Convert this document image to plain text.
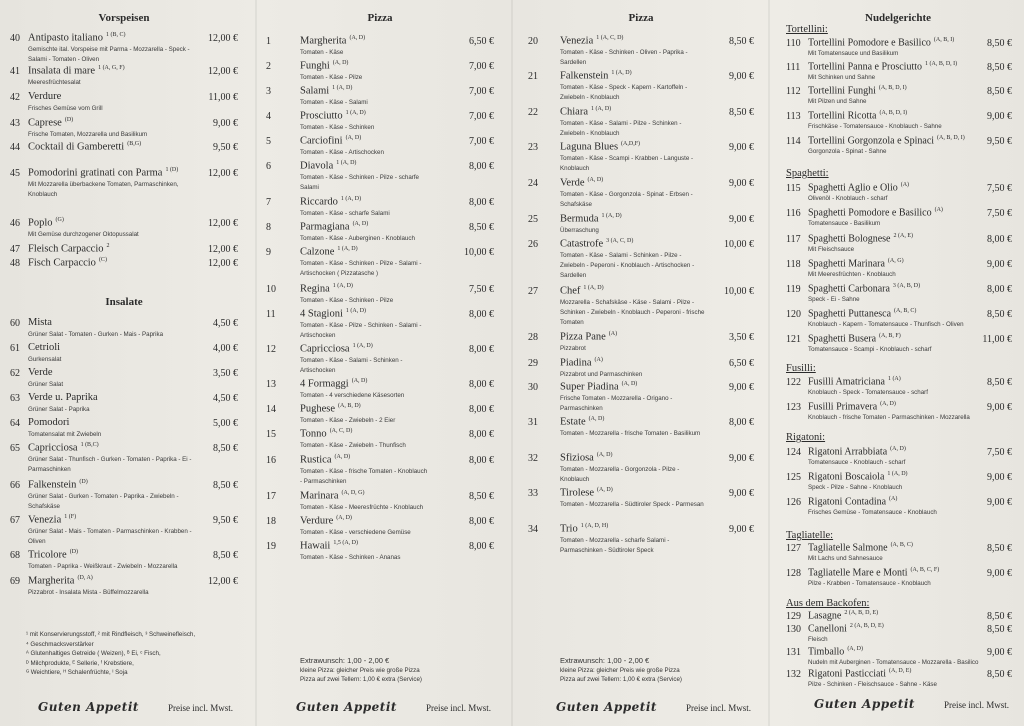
Vorspeisen
40 Antipasto italiano $^{1 (B, C)}$	12,00 €
Gemischte ital. Vorspeise mit Parma - Mozzarella - Speck - Salami - Tomaten - Oliven
41 Insalata di mare $^{1 (A, G, F)}$	12,00 €
Meeresfrüchtesalat
42 Verdure	11,00 €
Frisches Gemüse vom Grill
43 Caprese $^{(D)}$	9,00 €
Frische Tomaten, Mozzarella und Basilikum
44 Cocktail di Gamberetti $^{(B,G)}$	9,50 €
45 Pomodorini gratinati con Parma $^{1 (D)}$	12,00 €
Mit Mozzarella überbackene Tomaten, Parmaschinken, Knoblauch
46 Poplo $^{(G)}$	12,00 €
Mit Gemüse durchzogener Oktopussalat
47 Fleisch Carpaccio $^2$	12,00 €
48 Fisch Carpaccio $^{(C)}$	12,00 €
Insalate
60 Mista	4,50 €
Grüner Salat - Tomaten - Gurken - Mais - Paprika
61 Cetrioli	4,00 €
Gurkensalat
62 Verde	3,50 €
Grüner Salat
63 Verde u. Paprika	4,50 €
Grüner Salat - Paprika
64 Pomodori	5,00 €
Tomatensalat mit Zwiebeln
65 Capricciosa $^{1 (B,C)}$	8,50 €
Grüner Salat - Thunfisch - Gurken - Tomaten - Paprika - Ei - Parmaschinken
66 Falkenstein $^{(D)}$	8,50 €
Grüner Salat - Gurken - Tomaten - Paprika - Zwiebeln - Schafskäse
67 Venezia $^{1 (F)}$	9,50 €
Grüner Salat - Mais - Tomaten - Parmaschinken - Krabben - Oliven
68 Tricolore $^{(D)}$	8,50 €
Tomaten - Paprika - Weißkraut - Zwiebeln - Mozzarella
69 Margherita $^{(D, A)}$	12,00 €
Pizzabrot - Insalata Mista - Büffelmozzarella
¹ mit Konservierungsstoff, ² mit Rindfleisch, ³ Schweinefleisch,
⁴ Geschmacksverstärker
ᴬ Glutenhaltiges Getreide ( Weizen), ᴮ Ei, ᶜ Fisch,
ᴰ Milchprodukte, ᴱ Sellerie, ᶠ Krebstiere,
ᴳ Weichtiere, ᴴ Schalenfrüchte, ᴵ Soja
Guten Appetit	Preise incl. Mwst.
Pizza
1	Margherita $^{(A, D)}$	6,50 €
Tomaten - Käse
2	Funghi $^{(A, D)}$	7,00 €
Tomaten - Käse - Pilze
3	Salami $^{1 (A, D)}$	7,00 €
Tomaten - Käse - Salami
4	Prosciutto $^{1 (A, D)}$	7,00 €
Tomaten - Käse - Schinken
5	Carciofini $^{(A, D)}$	7,00 €
Tomaten - Käse - Artischocken
6	Diavola $^{1 (A, D)}$	8,00 €
Tomaten - Käse - Schinken - Pilze - scharfe Salami
7	Riccardo $^{1 (A, D)}$	8,00 €
Tomaten - Käse - scharfe Salami
8	Parmagiana $^{(A, D)}$	8,50 €
Tomaten - Käse - Auberginen - Knoblauch
9	Calzone $^{1 (A, D)}$	10,00 €
Tomaten - Käse - Schinken - Pilze - Salami - Artischocken ( Pizzatasche )
10	Regina $^{1 (A, D)}$	7,50 €
Tomaten - Käse - Schinken - Pilze
11	4 Stagioni $^{1 (A, D)}$	8,00 €
Tomaten - Käse - Pilze - Schinken - Salami - Artischocken
12	Capricciosa $^{1 (A, D)}$	8,00 €
Tomaten - Käse - Salami - Schinken - Artischocken
13	4 Formaggi $^{(A, D)}$	8,00 €
Tomaten - 4 verschiedene Käsesorten
14	Pughese $^{(A, B, D)}$	8,00 €
Tomaten - Käse - Zwiebeln - 2 Eier
15	Tonno $^{(A, C, D)}$	8,00 €
Tomaten - Käse - Zwiebeln - Thunfisch
16	Rustica $^{(A, D)}$	8,00 €
Tomaten - Käse - frische Tomaten - Knoblauch - Parmaschinken
17	Marinara $^{(A, D, G)}$	8,50 €
Tomaten - Käse - Meeresfrüchte - Knoblauch
18	Verdure $^{(A, D)}$	8,00 €
Tomaten - Käse - verschiedene Gemüse
19	Hawaii $^{1,5 (A, D)}$	8,00 €
Tomaten - Käse - Schinken - Ananas
Extrawunsch: 1,00 - 2,00 €
kleine Pizza: gleicher Preis wie große Pizza
Pizza auf zwei Tellern: 1,00 € extra (Service)
Guten Appetit	Preise incl. Mwst.
Pizza
20	Venezia $^{1 (A, C, D)}$	8,50 €
Tomaten - Käse - Schinken - Oliven - Paprika - Sardellen
21	Falkenstein $^{1 (A, D)}$	9,00 €
Tomaten - Käse - Speck - Kapern - Kartoffeln - Zwiebeln - Knoblauch
22	Chiara $^{1 (A, D)}$	8,50 €
Tomaten - Käse - Salami - Pilze - Schinken - Zwiebeln - Knoblauch
23	Laguna Blues $^{(A,D,F)}$	9,00 €
Tomaten - Käse - Scampi - Krabben - Languste - Knoblauch
24	Verde $^{(A, D)}$	9,00 €
Tomaten - Käse - Gorgonzola - Spinat - Erbsen - Schafskäse
25	Bermuda $^{1 (A, D)}$	9,00 €
Überraschung
26	Catastrofe $^{3 (A, C, D)}$	10,00 €
Tomaten - Käse - Salami - Schinken - Pilze - Zwiebeln - Peperoni - Knoblauch - Artischocken - Sardellen
27	Chef $^{1 (A, D)}$	10,00 €
Mozzarella - Schafskäse - Käse - Salami - Pilze - Schinken - Zwiebeln - Knoblauch - Peperoni - frische Tomaten
28	Pizza Pane $^{(A)}$	3,50 €
Pizzabrot
29	Piadina $^{(A)}$	6,50 €
Pizzabrot und Parmaschinken
30	Super Piadina $^{(A, D)}$	9,00 €
Frische Tomaten - Mozzarella - Origano - Parmaschinken
31	Estate $^{(A, D)}$	8,00 €
Tomaten - Mozzarella - frische Tomaten - Basilikum
32	Sfiziosa $^{(A, D)}$	9,00 €
Tomaten - Mozzarella - Gorgonzola - Pilze - Knoblauch
33	Tirolese $^{(A, D)}$	9,00 €
Tomaten - Mozzarella - Südtiroler Speck - Parmesan
34	Trio $^{1 (A, D, H)}$	9,00 €
Tomaten - Mozzarella - scharfe Salami - Parmaschinken - Südtiroler Speck
Extrawunsch: 1,00 - 2,00 €
kleine Pizza: gleicher Preis wie große Pizza
Pizza auf zwei Tellern: 1,00 € extra (Service)
Guten Appetit	Preise incl. Mwst.
Nudelgerichte
Tortellini:
110 Tortellini Pomodore e Basilico $^{(A, B, I)}$	8,50 €
Mit Tomatensauce und Basilikum
111 Tortellini Panna e Prosciutto $^{1 (A, B, D, I)}$	8,50 €
Mit Schinken und Sahne
112 Tortellini Funghi $^{(A, B, D, I)}$	8,50 €
Mit Pilzen und Sahne
113 Tortellini Ricotta $^{(A, B, D, I)}$	9,00 €
Frischkäse - Tomatensauce - Knoblauch - Sahne
114 Tortellini Gorgonzola e Spinaci $^{(A, B, D, I)}$ 9,50 €
Gorgonzola - Spinat - Sahne
Spaghetti:
115 Spaghetti Aglio e Olio $^{(A)}$	7,50 €
Olivenöl - Knoblauch - scharf
116 Spaghetti Pomodore e Basilico $^{(A)}$	7,50 €
Tomatensauce - Basilikum
117 Spaghetti Bolognese $^{2 (A, E)}$	8,00 €
Mit Fleischsauce
118 Spaghetti Marinara $^{(A, G)}$	9,00 €
Mit Meeresfrüchten - Knoblauch
119 Spaghetti Carbonara $^{3 (A, B, D)}$	8,00 €
Speck - Ei - Sahne
120 Spaghetti Puttanesca $^{(A, B, C)}$	8,50 €
Knoblauch - Kapern - Tomatensauce - Thunfisch - Oliven
121 Spaghetti Busera $^{(A, B, F)}$	11,00 €
Tomatensauce - Scampi - Knoblauch - scharf
Fusilli:
122 Fusilli Amatriciana $^{1 (A)}$	8,50 €
Knoblauch - Speck - Tomatensauce - scharf
123 Fusilli Primavera $^{(A, D)}$	9,00 €
Knoblauch - frische Tomaten - Parmaschinken - Mozzarella
Rigatoni:
124 Rigatoni Arrabbiata $^{(A, D)}$	7,50 €
Tomatensauce - Knoblauch - scharf
125 Rigatoni Boscaiola $^{1 (A, D)}$	9,00 €
Speck - Pilze - Sahne - Knoblauch
126 Rigatoni Contadina $^{(A)}$	9,00 €
Frisches Gemüse - Tomatensauce - Knoblauch
Tagliatelle:
127 Tagliatelle Salmone $^{(A, B, C)}$	8,50 €
Mit Lachs und Sahnesauce
128 Tagliatelle Mare e Monti $^{(A, B, C, F)}$	9,00 €
Pilze - Krabben - Tomatensauce - Knoblauch
Aus dem Backofen:
129 Lasagne $^{2 (A, B, D, E)}$	8,50 €
130 Canelloni $^{2 (A, B, D, E)}$	8,50 €
Fleisch
131 Timballo $^{(A, D)}$	9,00 €
Nudeln mit Auberginen - Tomatensauce - Mozzarella - Basilico
132 Rigatoni Pasticciati $^{(A, D, E)}$	8,50 €
Pilze - Schinken - Fleischsauce - Sahne - Käse
Guten Appetit	Preise incl. Mwst.
